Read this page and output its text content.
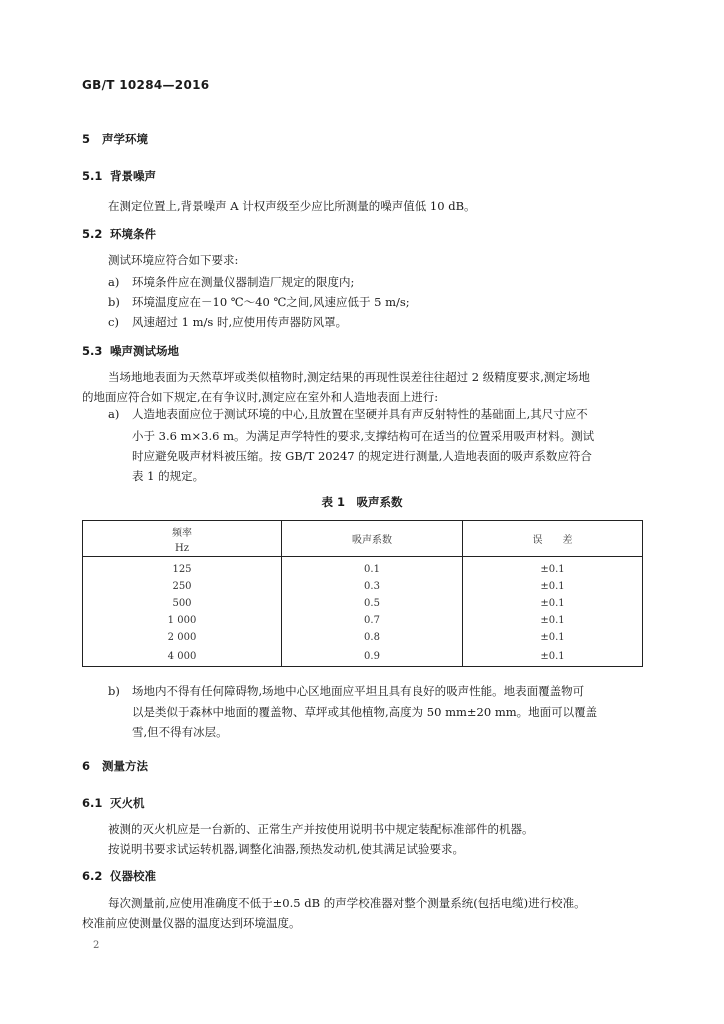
GB/T 10284—2016
5 声学环境
5.1 背景噪声
在测定位置上,背景噪声 A 计权声级至少应比所测量的噪声值低 10 dB。
5.2 环境条件
测试环境应符合如下要求:
a) 环境条件应在测量仪器制造厂规定的限度内;
b) 环境温度应在－10 ℃～40 ℃之间,风速应低于 5 m/s;
c) 风速超过 1 m/s 时,应使用传声器防风罩。
5.3 噪声测试场地
当场地地表面为天然草坪或类似植物时,测定结果的再现性误差往往超过 2 级精度要求,测定场地
的地面应符合如下规定,在有争议时,测定应在室外和人造地表面上进行:
a) 人造地表面应位于测试环境的中心,且放置在坚硬并具有声反射特性的基础面上,其尺寸应不
小于 3.6 m×3.6 m。为满足声学特性的要求,支撑结构可在适当的位置采用吸声材料。测试
时应避免吸声材料被压缩。按 GB/T 20247 的规定进行测量,人造地表面的吸声系数应符合
表 1 的规定。
表 1　吸声系数
频率
Hz	吸声系数	误　　差
125	0.1	±0.1
250	0.3	±0.1
500	0.5	±0.1
1 000	0.7	±0.1
2 000	0.8	±0.1
4 000	0.9	±0.1
b) 场地内不得有任何障碍物,场地中心区地面应平坦且具有良好的吸声性能。地表面覆盖物可
以是类似于森林中地面的覆盖物、草坪或其他植物,高度为 50 mm±20 mm。地面可以覆盖
雪,但不得有冰层。
6 测量方法
6.1 灭火机
被测的灭火机应是一台新的、正常生产并按使用说明书中规定装配标准部件的机器。
按说明书要求试运转机器,调整化油器,预热发动机,使其满足试验要求。
6.2 仪器校准
每次测量前,应使用准确度不低于±0.5 dB 的声学校准器对整个测量系统(包括电缆)进行校准。
校准前应使测量仪器的温度达到环境温度。
2
